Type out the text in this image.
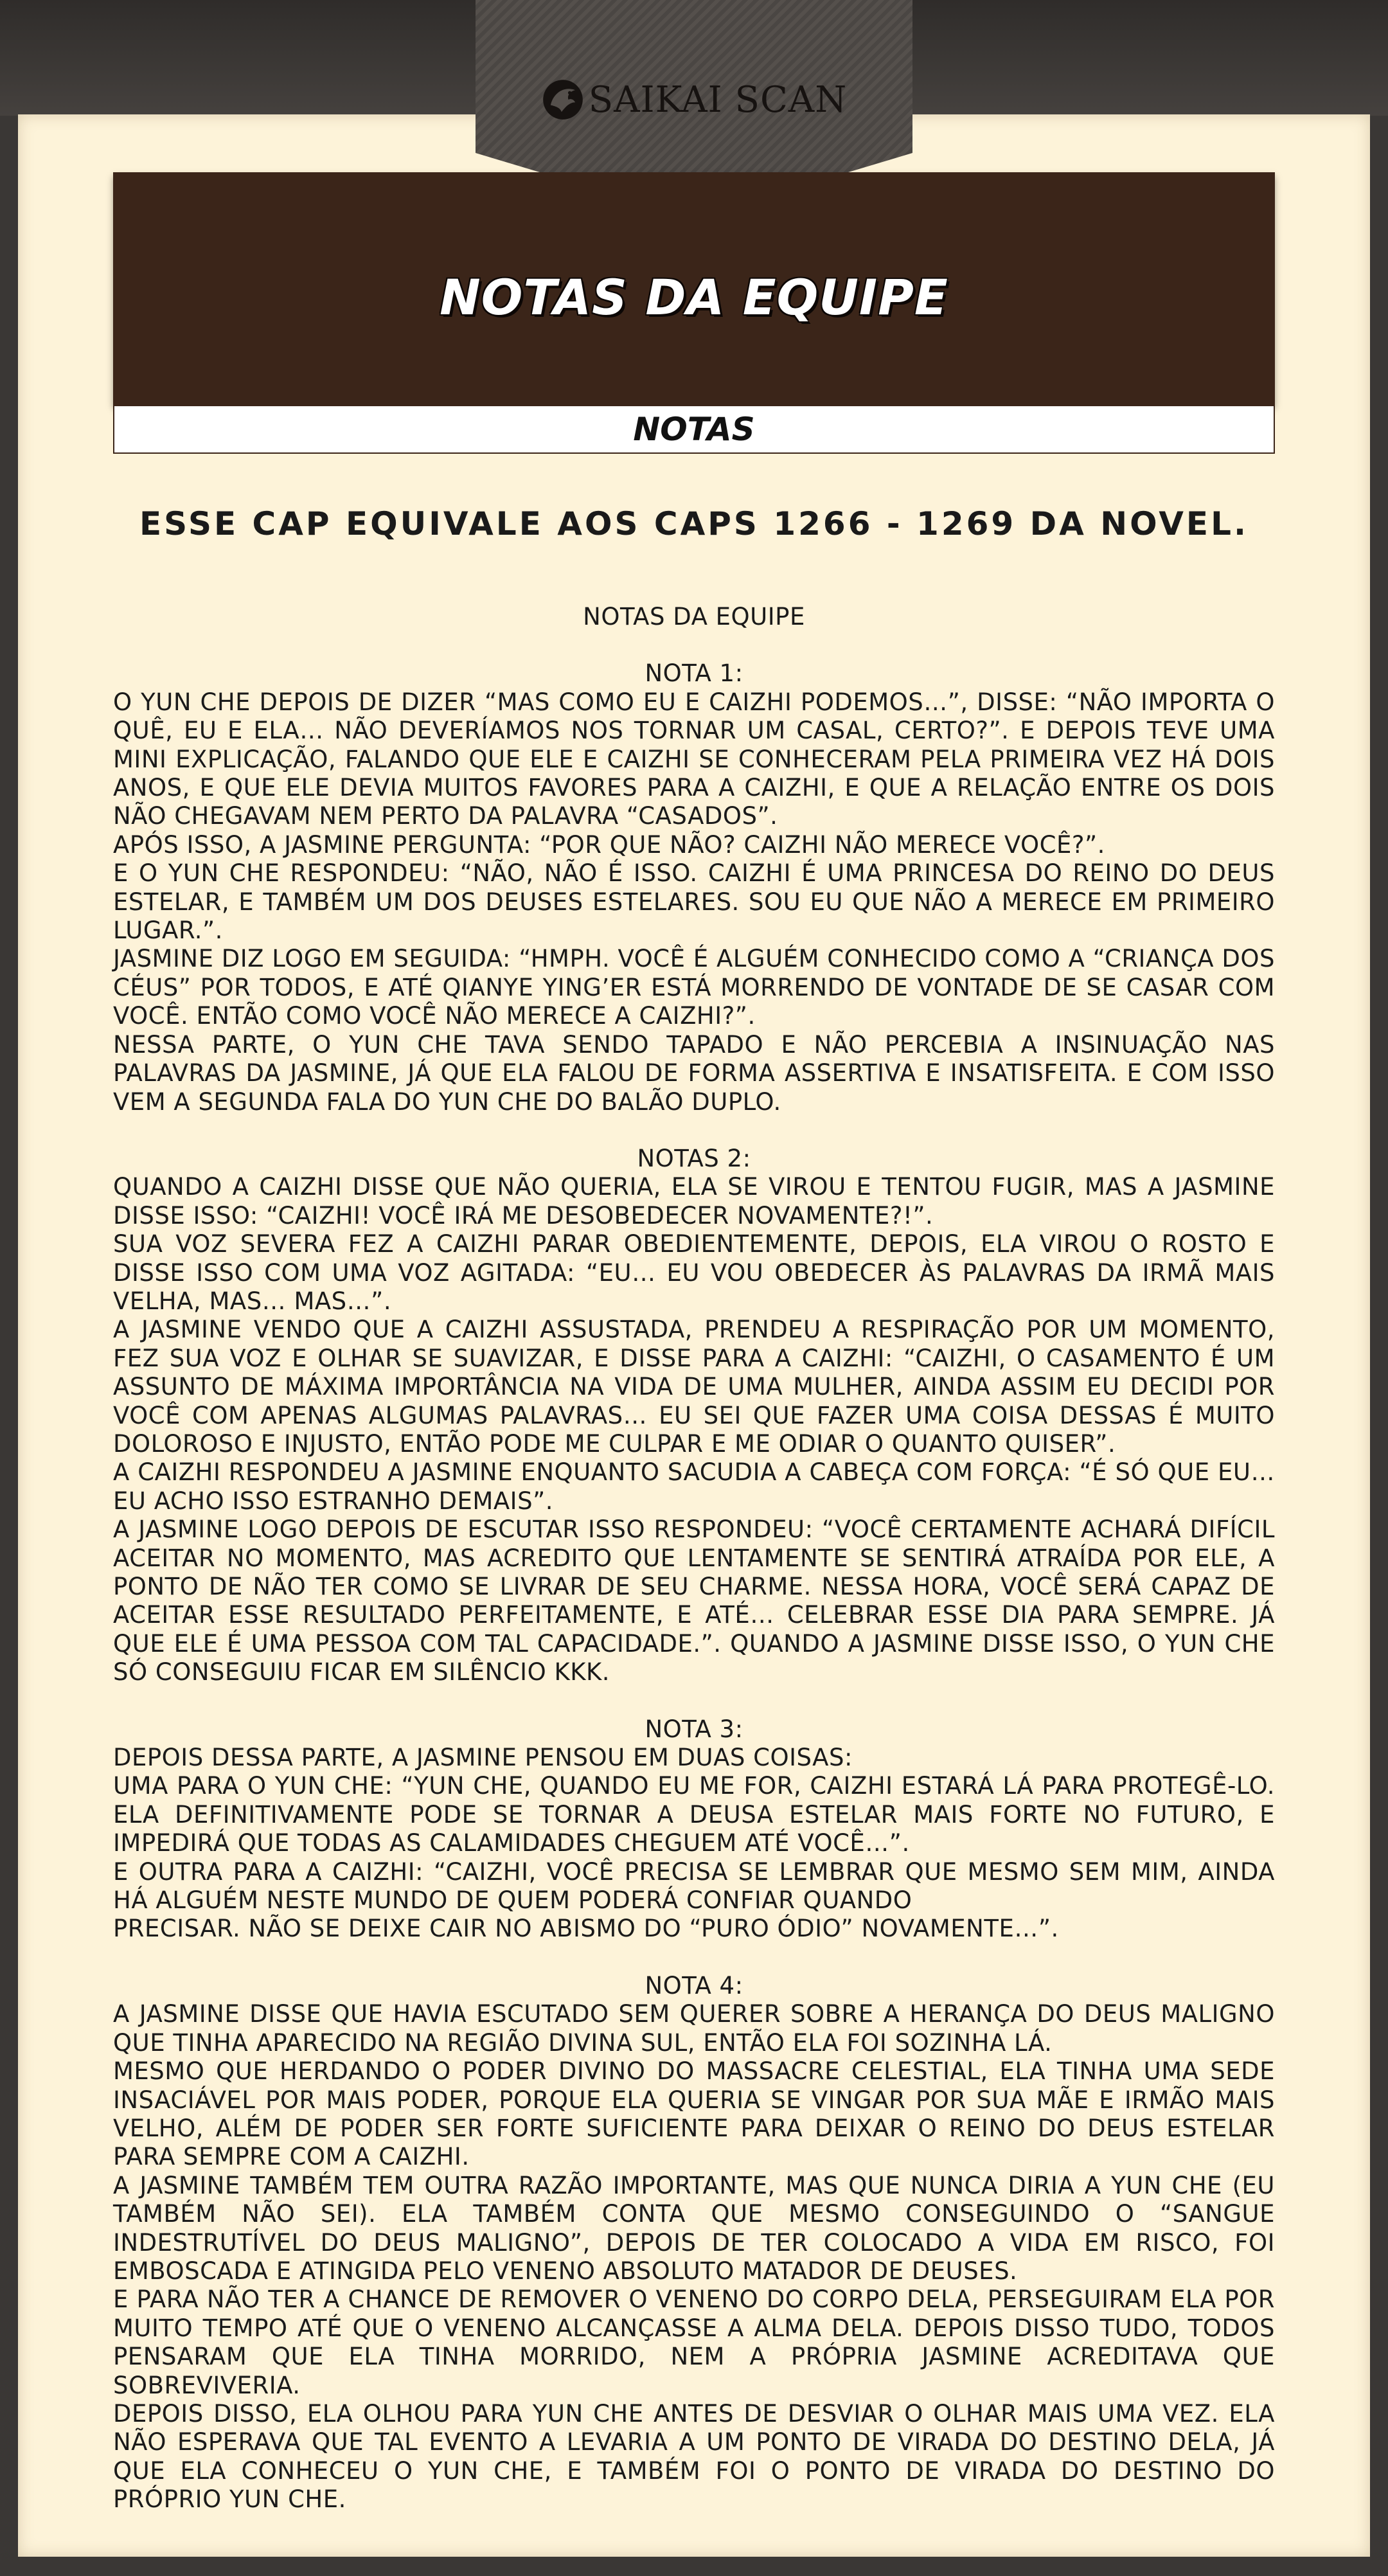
SAIKAI SCAN
NOTAS DA EQUIPE
NOTAS
ESSE CAP EQUIVALE AOS CAPS 1266 - 1269 DA NOVEL.

NOTAS DA EQUIPE

NOTA 1:

O YUN CHE DEPOIS DE DIZER “MAS COMO EU E CAIZHI PODEMOS…”, DISSE: “NÃO IMPORTA O QUÊ, EU E ELA… NÃO DEVERÍAMOS NOS TORNAR UM CASAL, CERTO?”. E DEPOIS TEVE UMA MINI EXPLICAÇÃO, FALANDO QUE ELE E CAIZHI SE CONHECERAM PELA PRIMEIRA VEZ HÁ DOIS ANOS, E QUE ELE DEVIA MUITOS FAVORES PARA A CAIZHI, E QUE A RELAÇÃO ENTRE OS DOIS NÃO CHEGAVAM NEM PERTO DA PALAVRA “CASADOS”.

APÓS ISSO, A JASMINE PERGUNTA: “POR QUE NÃO? CAIZHI NÃO MERECE VOCÊ?”.

E O YUN CHE RESPONDEU: “NÃO, NÃO É ISSO. CAIZHI É UMA PRINCESA DO REINO DO DEUS ESTELAR, E TAMBÉM UM DOS DEUSES ESTELARES. SOU EU QUE NÃO A MERECE EM PRIMEIRO LUGAR.”.

JASMINE DIZ LOGO EM SEGUIDA: “HMPH. VOCÊ É ALGUÉM CONHECIDO COMO A “CRIANÇA DOS CÉUS” POR TODOS, E ATÉ QIANYE YING’ER ESTÁ MORRENDO DE VONTADE DE SE CASAR COM VOCÊ. ENTÃO COMO VOCÊ NÃO MERECE A CAIZHI?”.

NESSA PARTE, O YUN CHE TAVA SENDO TAPADO E NÃO PERCEBIA A INSINUAÇÃO NAS PALAVRAS DA JASMINE, JÁ QUE ELA FALOU DE FORMA ASSERTIVA E INSATISFEITA. E COM ISSO VEM A SEGUNDA FALA DO YUN CHE DO BALÃO DUPLO.

NOTAS 2:

QUANDO A CAIZHI DISSE QUE NÃO QUERIA, ELA SE VIROU E TENTOU FUGIR, MAS A JASMINE DISSE ISSO: “CAIZHI! VOCÊ IRÁ ME DESOBEDECER NOVAMENTE?!”.

SUA VOZ SEVERA FEZ A CAIZHI PARAR OBEDIENTEMENTE, DEPOIS, ELA VIROU O ROSTO E DISSE ISSO COM UMA VOZ AGITADA: “EU… EU VOU OBEDECER ÀS PALAVRAS DA IRMÃ MAIS VELHA, MAS… MAS…”.

A JASMINE VENDO QUE A CAIZHI ASSUSTADA, PRENDEU A RESPIRAÇÃO POR UM MOMENTO, FEZ SUA VOZ E OLHAR SE SUAVIZAR, E DISSE PARA A CAIZHI: “CAIZHI, O CASAMENTO É UM ASSUNTO DE MÁXIMA IMPORTÂNCIA NA VIDA DE UMA MULHER, AINDA ASSIM EU DECIDI POR VOCÊ COM APENAS ALGUMAS PALAVRAS… EU SEI QUE FAZER UMA COISA DESSAS É MUITO DOLOROSO E INJUSTO, ENTÃO PODE ME CULPAR E ME ODIAR O QUANTO QUISER”.

A CAIZHI RESPONDEU A JASMINE ENQUANTO SACUDIA A CABEÇA COM FORÇA: “É SÓ QUE EU… EU ACHO ISSO ESTRANHO DEMAIS”.

A JASMINE LOGO DEPOIS DE ESCUTAR ISSO RESPONDEU: “VOCÊ CERTAMENTE ACHARÁ DIFÍCIL ACEITAR NO MOMENTO, MAS ACREDITO QUE LENTAMENTE SE SENTIRÁ ATRAÍDA POR ELE, A PONTO DE NÃO TER COMO SE LIVRAR DE SEU CHARME. NESSA HORA, VOCÊ SERÁ CAPAZ DE ACEITAR ESSE RESULTADO PERFEITAMENTE, E ATÉ… CELEBRAR ESSE DIA PARA SEMPRE. JÁ QUE ELE É UMA PESSOA COM TAL CAPACIDADE.”. QUANDO A JASMINE DISSE ISSO, O YUN CHE SÓ CONSEGUIU FICAR EM SILÊNCIO KKK.

NOTA 3:

DEPOIS DESSA PARTE, A JASMINE PENSOU EM DUAS COISAS:

UMA PARA O YUN CHE: “YUN CHE, QUANDO EU ME FOR, CAIZHI ESTARÁ LÁ PARA PROTEGÊ-LO. ELA DEFINITIVAMENTE PODE SE TORNAR A DEUSA ESTELAR MAIS FORTE NO FUTURO, E IMPEDIRÁ QUE TODAS AS CALAMIDADES CHEGUEM ATÉ VOCÊ…”.

E OUTRA PARA A CAIZHI: “CAIZHI, VOCÊ PRECISA SE LEMBRAR QUE MESMO SEM MIM, AINDA HÁ ALGUÉM NESTE MUNDO DE QUEM PODERÁ CONFIAR QUANDO

PRECISAR. NÃO SE DEIXE CAIR NO ABISMO DO “PURO ÓDIO” NOVAMENTE…”.

NOTA 4:

A JASMINE DISSE QUE HAVIA ESCUTADO SEM QUERER SOBRE A HERANÇA DO DEUS MALIGNO QUE TINHA APARECIDO NA REGIÃO DIVINA SUL, ENTÃO ELA FOI SOZINHA LÁ.

MESMO QUE HERDANDO O PODER DIVINO DO MASSACRE CELESTIAL, ELA TINHA UMA SEDE INSACIÁVEL POR MAIS PODER, PORQUE ELA QUERIA SE VINGAR POR SUA MÃE E IRMÃO MAIS VELHO, ALÉM DE PODER SER FORTE SUFICIENTE PARA DEIXAR O REINO DO DEUS ESTELAR PARA SEMPRE COM A CAIZHI.

A JASMINE TAMBÉM TEM OUTRA RAZÃO IMPORTANTE, MAS QUE NUNCA DIRIA A YUN CHE (EU TAMBÉM NÃO SEI). ELA TAMBÉM CONTA QUE MESMO CONSEGUINDO O “SANGUE INDESTRUTÍVEL DO DEUS MALIGNO”, DEPOIS DE TER COLOCADO A VIDA EM RISCO, FOI EMBOSCADA E ATINGIDA PELO VENENO ABSOLUTO MATADOR DE DEUSES.

E PARA NÃO TER A CHANCE DE REMOVER O VENENO DO CORPO DELA, PERSEGUIRAM ELA POR MUITO TEMPO ATÉ QUE O VENENO ALCANÇASSE A ALMA DELA. DEPOIS DISSO TUDO, TODOS PENSARAM QUE ELA TINHA MORRIDO, NEM A PRÓPRIA JASMINE ACREDITAVA QUE SOBREVIVERIA.

DEPOIS DISSO, ELA OLHOU PARA YUN CHE ANTES DE DESVIAR O OLHAR MAIS UMA VEZ. ELA NÃO ESPERAVA QUE TAL EVENTO A LEVARIA A UM PONTO DE VIRADA DO DESTINO DELA, JÁ QUE ELA CONHECEU O YUN CHE, E TAMBÉM FOI O PONTO DE VIRADA DO DESTINO DO PRÓPRIO YUN CHE.
